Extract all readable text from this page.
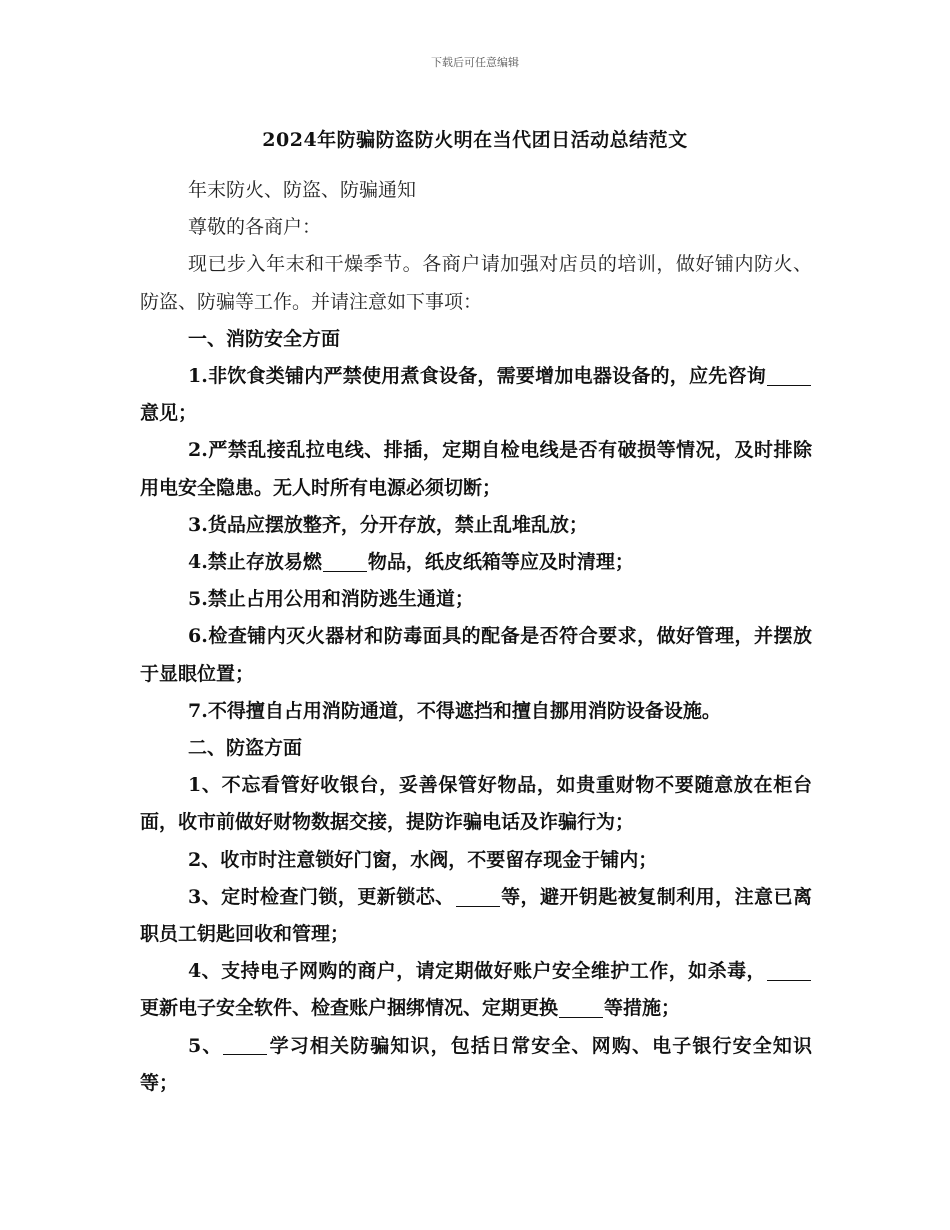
下载后可任意编辑
2024年防骗防盗防火明在当代团日活动总结范文

年末防火、防盗、防骗通知

尊敬的各商户：

现已步入年末和干燥季节。各商户请加强对店员的培训，做好铺内防火、防盗、防骗等工作。并请注意如下事项：

一、消防安全方面

1.非饮食类铺内严禁使用煮食设备，需要增加电器设备的，应先咨询意见；

2.严禁乱接乱拉电线、排插，定期自检电线是否有破损等情况，及时排除用电安全隐患。无人时所有电源必须切断；

3.货品应摆放整齐，分开存放，禁止乱堆乱放；

4.禁止存放易燃 物品，纸皮纸箱等应及时清理；

5.禁止占用公用和消防逃生通道；

6.检查铺内灭火器材和防毒面具的配备是否符合要求，做好管理，并摆放于显眼位置；

7.不得擅自占用消防通道，不得遮挡和擅自挪用消防设备设施。

二、防盗方面

1、不忘看管好收银台，妥善保管好物品，如贵重财物不要随意放在柜台面，收市前做好财物数据交接，提防诈骗电话及诈骗行为；

2、收市时注意锁好门窗，水阀，不要留存现金于铺内；

3、定时检查门锁，更新锁芯、 等，避开钥匙被复制利用，注意已离职员工钥匙回收和管理；

4、支持电子网购的商户，请定期做好账户安全维护工作，如杀毒，更新电子安全软件、检查账户捆绑情况、定期更换 等措施；

5、 学习相关防骗知识，包括日常安全、网购、电子银行安全知识等；
